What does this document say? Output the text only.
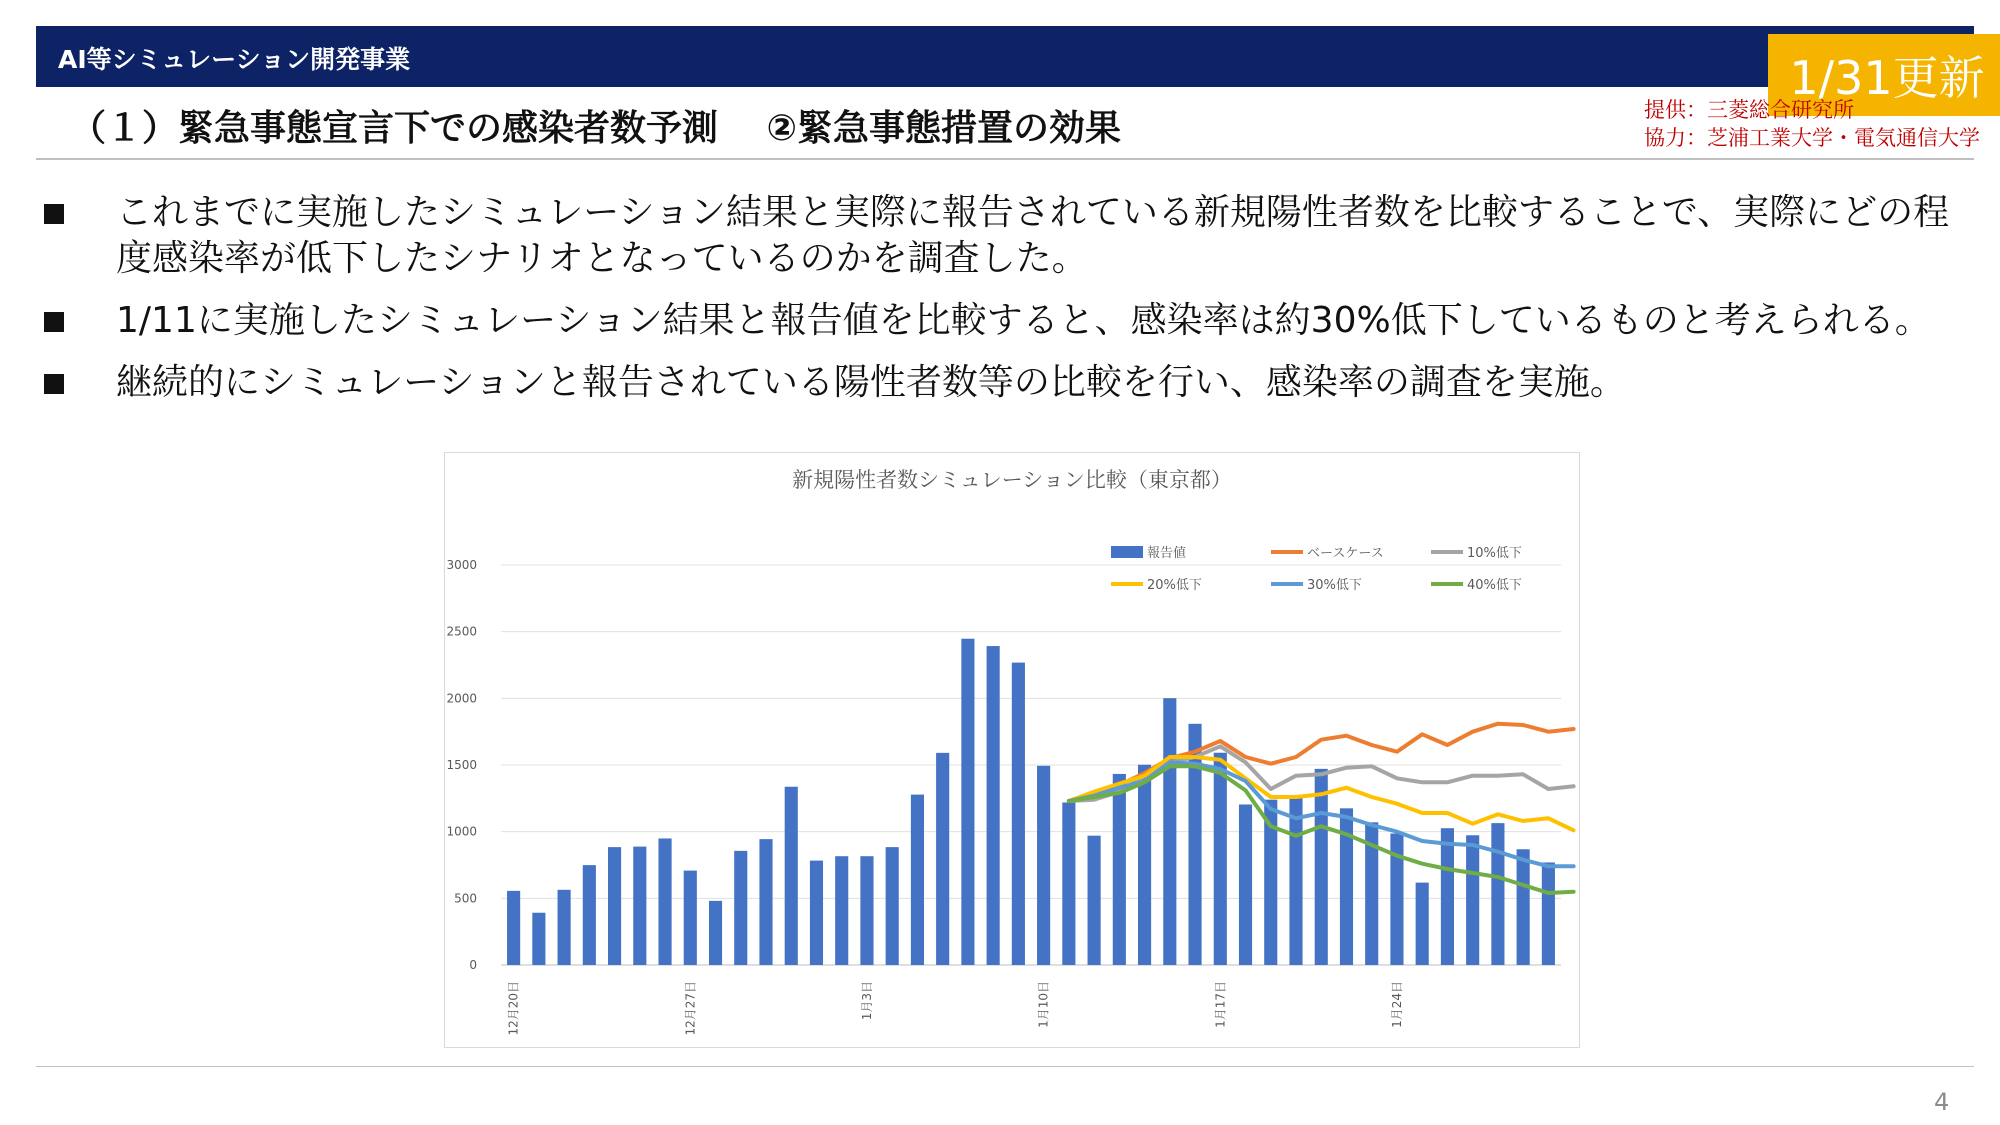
AI等シミュレーション開発事業	1/31更新
（１）緊急事態宣言下での感染者数予測　 ②緊急事態措置の効果	提供：三菱総合研究所
協力：芝浦工業大学・電気通信大学
これまでに実施したシミュレーション結果と実際に報告されている新規陽性者数を比較することで、実際にどの程度感染率が低下したシナリオとなっているのかを調査した。
1/11に実施したシミュレーション結果と報告値を比較すると、感染率は約30%低下しているものと考えられる。
継続的にシミュレーションと報告されている陽性者数等の比較を行い、感染率の調査を実施。
新規陽性者数シミュレーション比較（東京都）
0
500
1000
1500
2000
2500
3000
12月20日	12月27日	1月3日	1月10日	1月17日	1月24日
報告値	ベースケース	10%低下
20%低下	30%低下	40%低下
4
